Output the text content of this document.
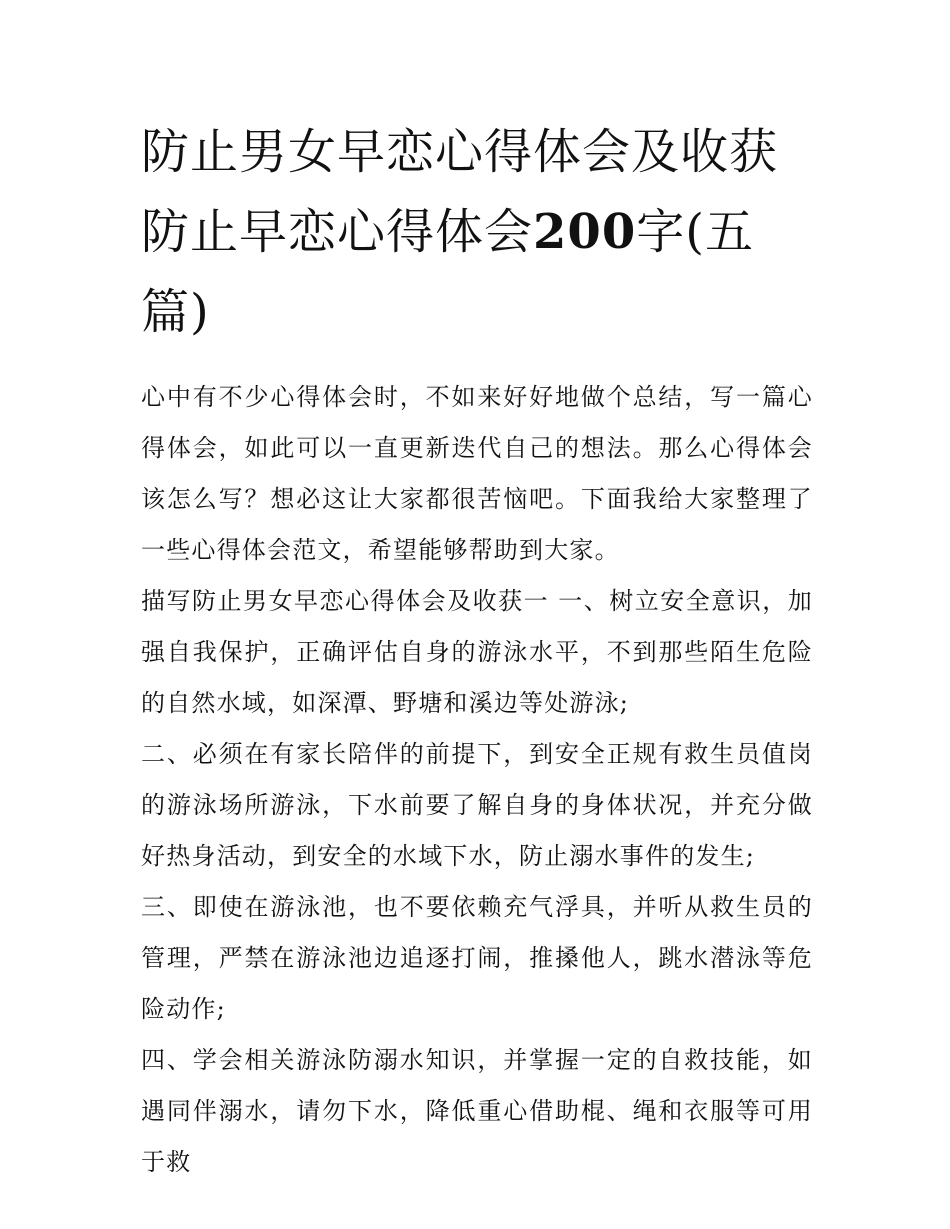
防止男女早恋心得体会及收获防止早恋心得体会200字(五篇)

心中有不少心得体会时，不如来好好地做个总结，写一篇心得体会，如此可以一直更新迭代自己的想法。那么心得体会该怎么写？想必这让大家都很苦恼吧。下面我给大家整理了一些心得体会范文，希望能够帮助到大家。

描写防止男女早恋心得体会及收获一 一、树立安全意识，加强自我保护，正确评估自身的游泳水平，不到那些陌生危险的自然水域，如深潭、野塘和溪边等处游泳;

二、必须在有家长陪伴的前提下，到安全正规有救生员值岗的游泳场所游泳，下水前要了解自身的身体状况，并充分做好热身活动，到安全的水域下水，防止溺水事件的发生;

三、即使在游泳池，也不要依赖充气浮具，并听从救生员的管理，严禁在游泳池边追逐打闹，推搡他人，跳水潜泳等危险动作;

四、学会相关游泳防溺水知识，并掌握一定的自救技能，如遇同伴溺水，请勿下水，降低重心借助棍、绳和衣服等可用于救
